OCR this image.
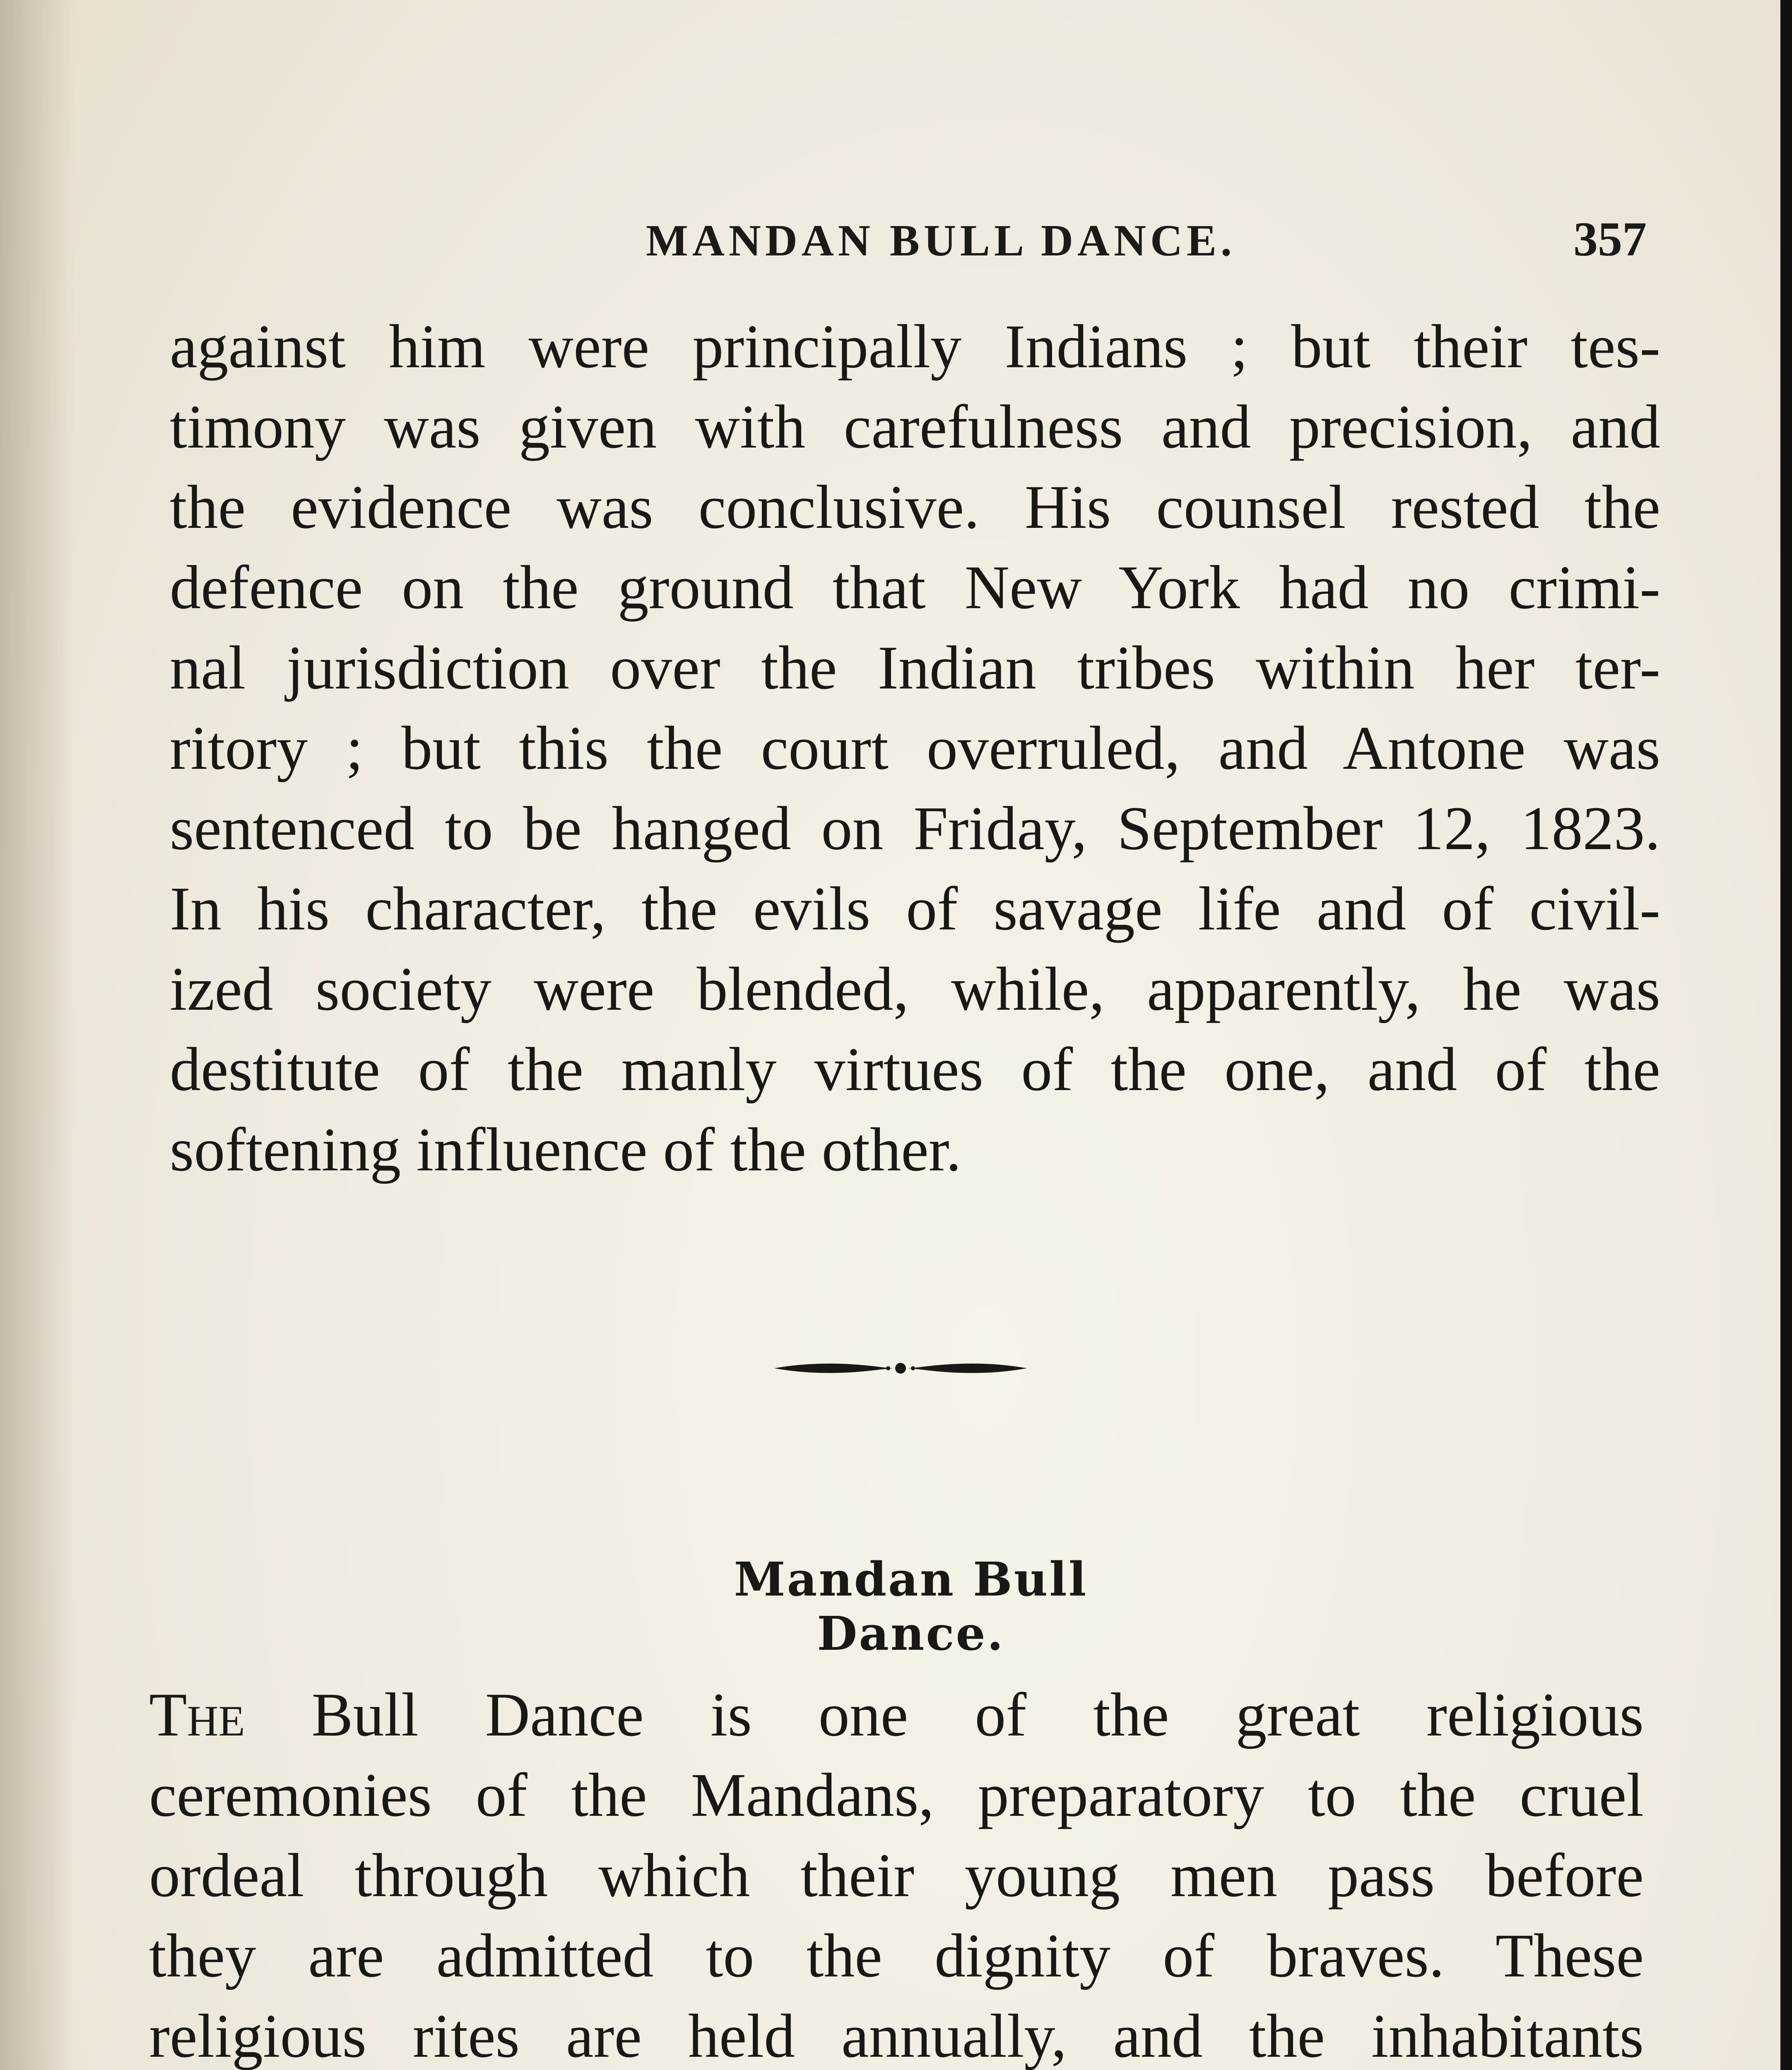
MANDAN BULL DANCE.	357
against him were principally Indians ; but their tes-
timony was given with carefulness and precision, and
the evidence was conclusive. His counsel rested the
defence on the ground that New York had no crimi-
nal jurisdiction over the Indian tribes within her ter-
ritory ; but this the court overruled, and Antone was
sentenced to be hanged on Friday, September 12, 1823.
In his character, the evils of savage life and of civil-
ized society were blended, while, apparently, he was
destitute of the manly virtues of the one, and of the
softening influence of the other.
Mandan Bull Dance.
The Bull Dance is one of the great religious
ceremonies of the Mandans, preparatory to the cruel
ordeal through which their young men pass before
they are admitted to the dignity of braves. These
religious rites are held annually, and the inhabitants
